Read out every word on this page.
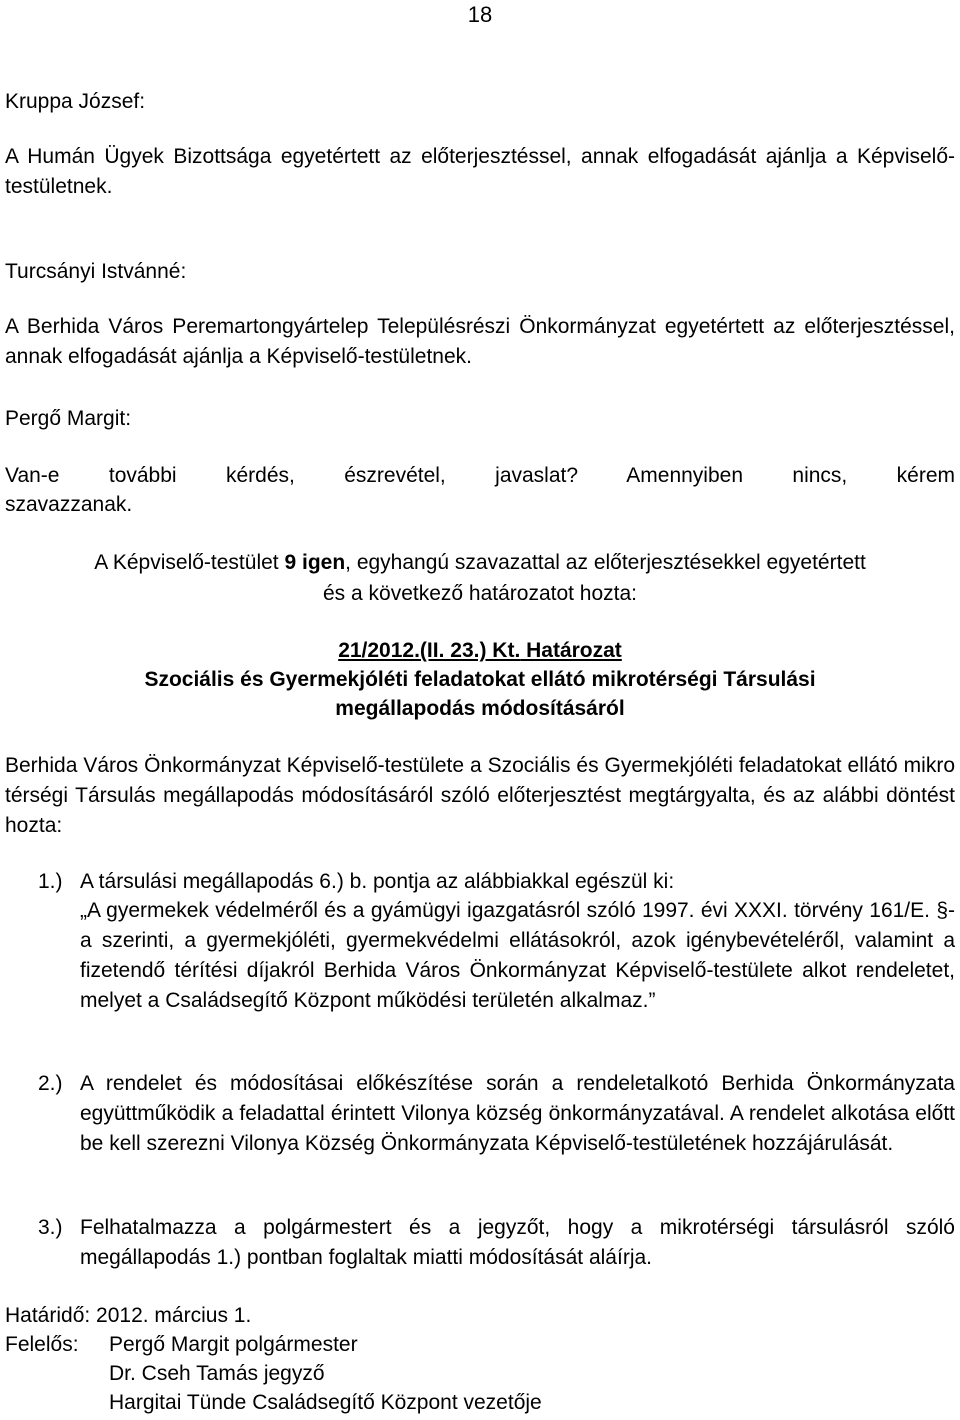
18

Kruppa József:

A Humán Ügyek Bizottsága egyetértett az előterjesztéssel, annak elfogadását ajánlja a Képviselő-testületnek.

Turcsányi Istvánné:

A Berhida Város Peremartongyártelep Településrészi Önkormányzat egyetértett az előterjesztéssel, annak elfogadását ajánlja a Képviselő-testületnek.

Pergő Margit:

Van-e további kérdés, észrevétel, javaslat? Amennyiben nincs, kérem

szavazzanak.

A Képviselő-testület 9 igen, egyhangú szavazattal az előterjesztésekkel egyetértett

és a következő határozatot hozta:

21/2012.(II. 23.) Kt. Határozat

Szociális és Gyermekjóléti feladatokat ellátó mikrotérségi Társulási

megállapodás módosításáról

Berhida Város Önkormányzat Képviselő-testülete a Szociális és Gyermekjóléti feladatokat ellátó mikro térségi Társulás megállapodás módosításáról szóló előterjesztést megtárgyalta, és az alábbi döntést hozta:

1.) A társulási megállapodás 6.) b. pontja az alábbiakkal egészül ki:

„A gyermekek védelméről és a gyámügyi igazgatásról szóló 1997. évi XXXI. törvény 161/E. §-a szerinti, a gyermekjóléti, gyermekvédelmi ellátásokról, azok igénybevételéről, valamint a fizetendő térítési díjakról Berhida Város Önkormányzat Képviselő-testülete alkot rendeletet, melyet a Családsegítő Központ működési területén alkalmaz.”

2.) A rendelet és módosításai előkészítése során a rendeletalkotó Berhida Önkormányzata együttműködik a feladattal érintett Vilonya község önkormányzatával. A rendelet alkotása előtt be kell szerezni Vilonya Község Önkormányzata Képviselő-testületének hozzájárulását.

3.) Felhatalmazza a polgármestert és a jegyzőt, hogy a mikrotérségi társulásról szóló megállapodás 1.) pontban foglaltak miatti módosítását aláírja.

Határidő: 2012. március 1.

Felelős: Pergő Margit polgármester

Dr. Cseh Tamás jegyző

Hargitai Tünde Családsegítő Központ vezetője
